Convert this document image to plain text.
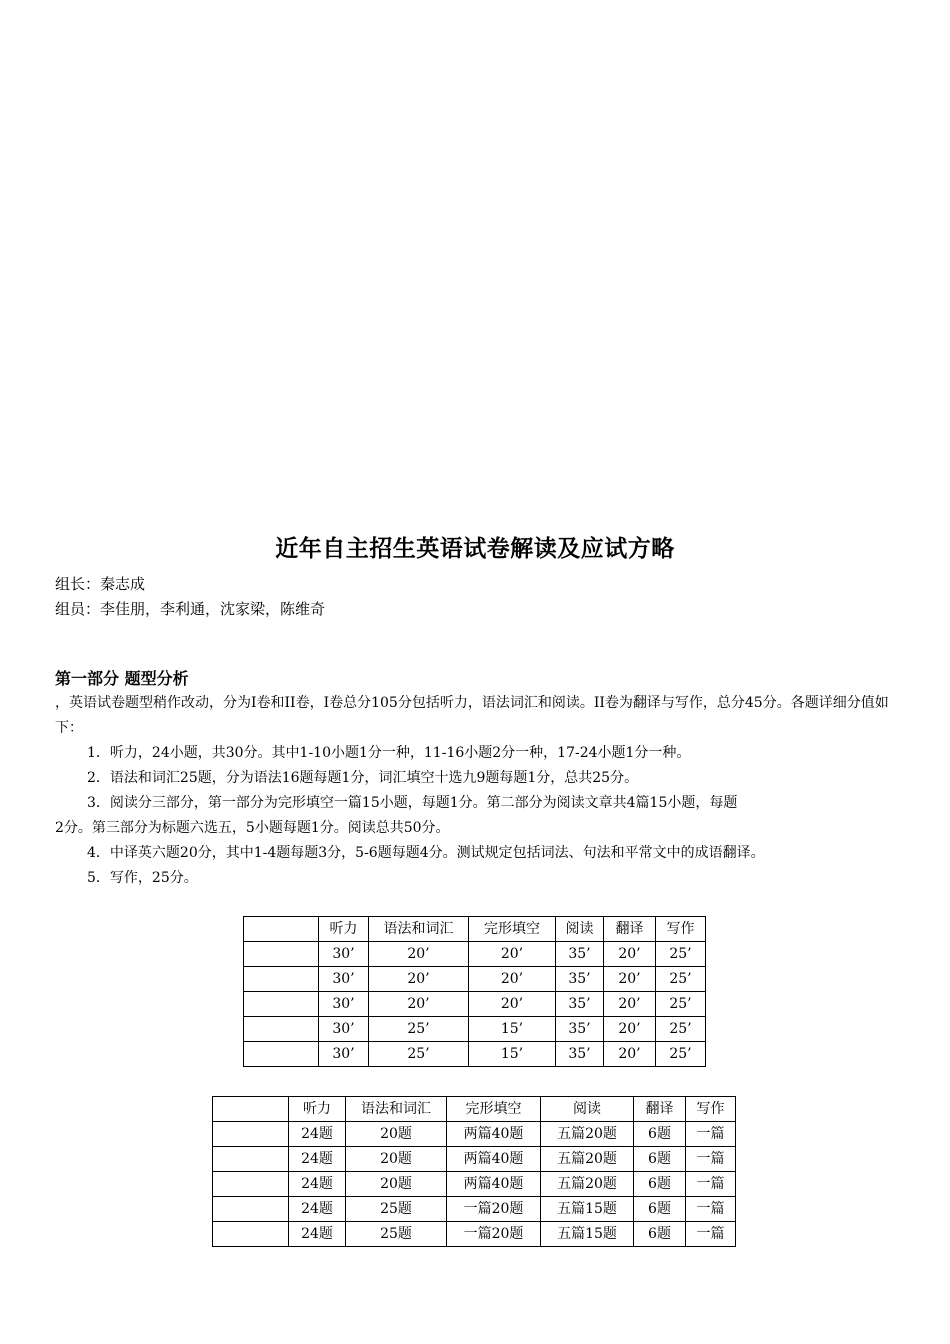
近年自主招生英语试卷解读及应试方略
组长：秦志成
组员：李佳朋，李利通，沈家梁，陈维奇
第一部分 题型分析
，英语试卷题型稍作改动，分为I卷和II卷，I卷总分105分包括听力，语法词汇和阅读。II卷为翻译与写作，总分45分。各题详细分值如下：
1．听力，24小题，共30分。其中1-10小题1分一种，11-16小题2分一种，17-24小题1分一种。
2．语法和词汇25题，分为语法16题每题1分，词汇填空十选九9题每题1分，总共25分。
3．阅读分三部分，第一部分为完形填空一篇15小题，每题1分。第二部分为阅读文章共4篇15小题，每题
2分。第三部分为标题六选五，5小题每题1分。阅读总共50分。
4．中译英六题20分，其中1-4题每题3分，5-6题每题4分。测试规定包括词法、句法和平常文中的成语翻译。
5．写作，25分。
	听力	语法和词汇	完形填空	阅读	翻译	写作
	30’	20’	20’	35’	20’	25’
	30’	20’	20’	35’	20’	25’
	30’	20’	20’	35’	20’	25’
	30’	25’	15’	35’	20’	25’
	30’	25’	15’	35’	20’	25’
	听力	语法和词汇	完形填空	阅读	翻译	写作
	24题	20题	两篇40题	五篇20题	6题	一篇
	24题	20题	两篇40题	五篇20题	6题	一篇
	24题	20题	两篇40题	五篇20题	6题	一篇
	24题	25题	一篇20题	五篇15题	6题	一篇
	24题	25题	一篇20题	五篇15题	6题	一篇
